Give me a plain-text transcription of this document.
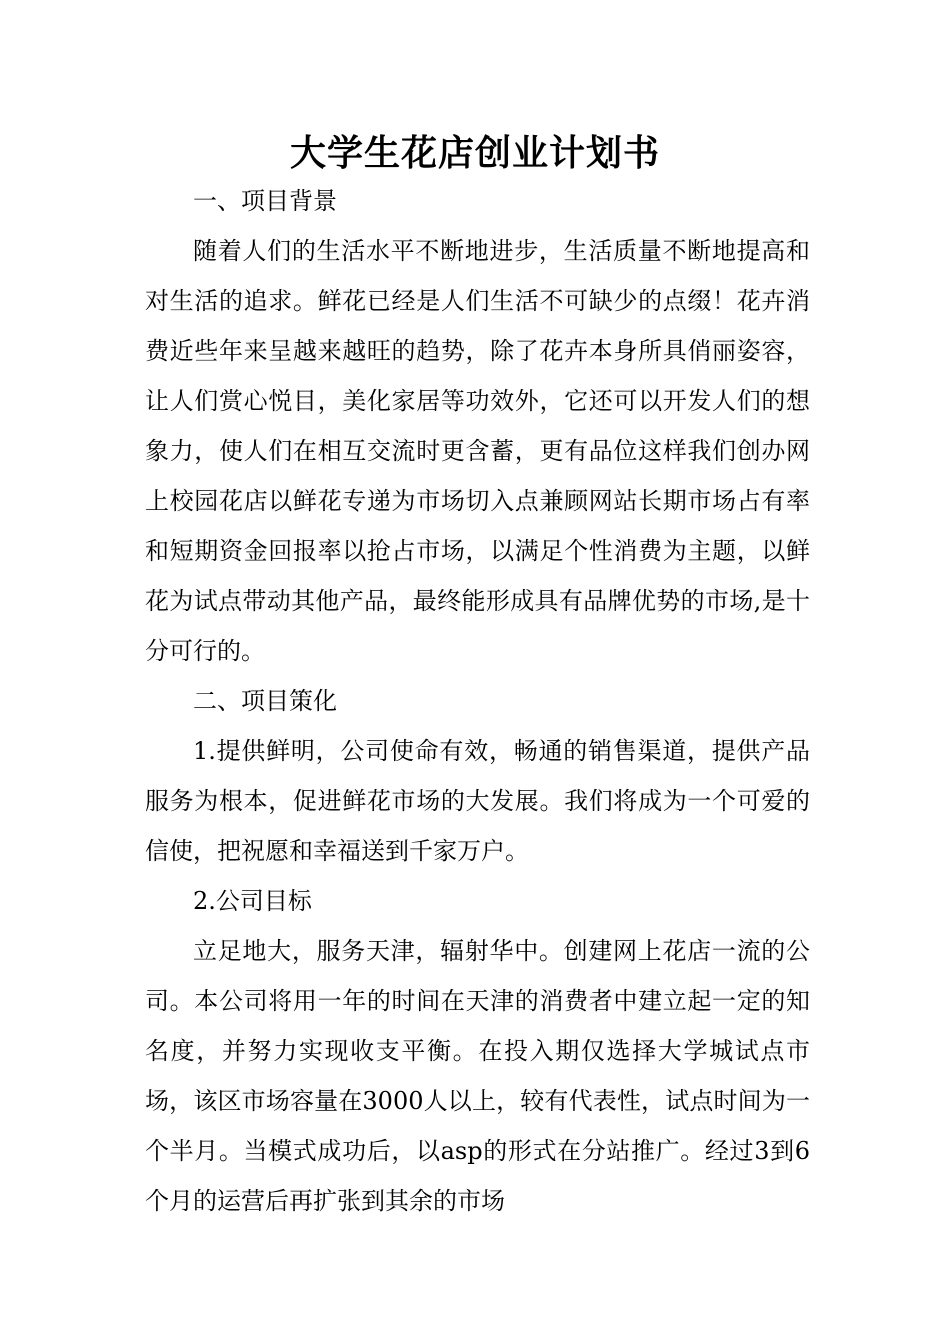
大学生花店创业计划书

一、项目背景

随着人们的生活水平不断地进步，生活质量不断地提高和对生活的追求。鲜花已经是人们生活不可缺少的点缀！花卉消费近些年来呈越来越旺的趋势，除了花卉本身所具俏丽姿容，让人们赏心悦目，美化家居等功效外，它还可以开发人们的想象力，使人们在相互交流时更含蓄，更有品位这样我们创办网上校园花店以鲜花专递为市场切入点兼顾网站长期市场占有率和短期资金回报率以抢占市场，以满足个性消费为主题，以鲜花为试点带动其他产品，最终能形成具有品牌优势的市场,是十分可行的。

二、项目策化

1.提供鲜明，公司使命有效，畅通的销售渠道，提供产品服务为根本，促进鲜花市场的大发展。我们将成为一个可爱的信使，把祝愿和幸福送到千家万户。

2.公司目标

立足地大，服务天津，辐射华中。创建网上花店一流的公司。本公司将用一年的时间在天津的消费者中建立起一定的知名度，并努力实现收支平衡。在投入期仅选择大学城试点市场，该区市场容量在3000人以上，较有代表性，试点时间为一个半月。当模式成功后，以asp的形式在分站推广。经过3到6个月的运营后再扩张到其余的市场
